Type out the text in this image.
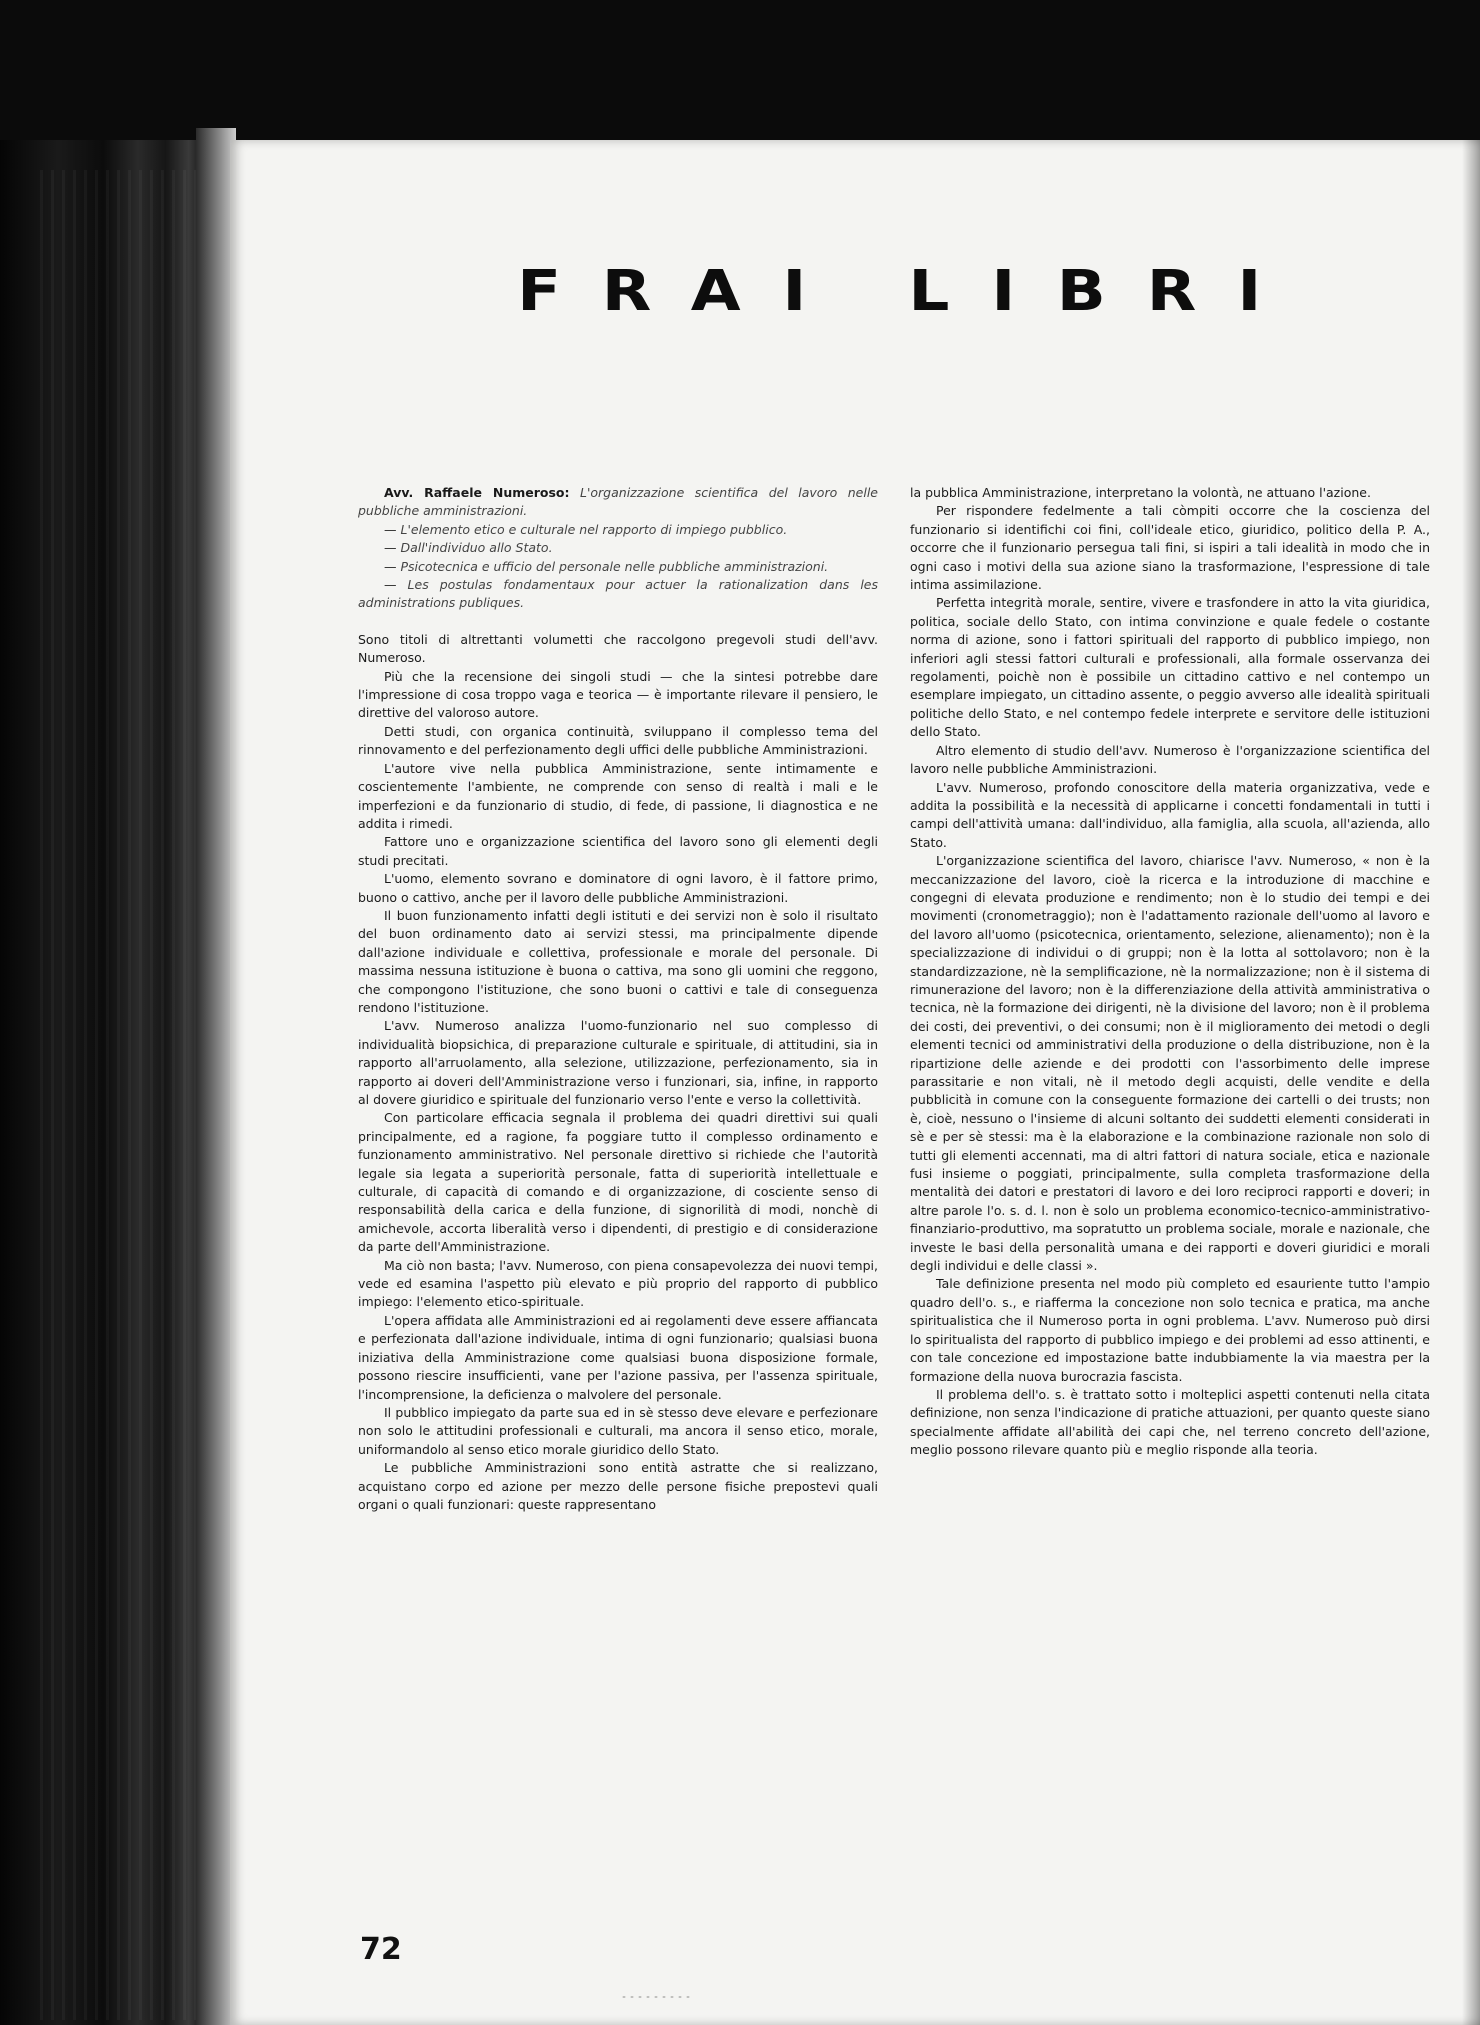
F R A I L I B R I

Avv. Raffaele Numeroso: L'organizzazione scientifica del lavoro nelle pubbliche amministrazioni.

— L'elemento etico e culturale nel rapporto di impiego pubblico.

— Dall'individuo allo Stato.

— Psicotecnica e ufficio del personale nelle pubbliche amministrazioni.

— Les postulas fondamentaux pour actuer la rationalization dans les administrations publiques.

Sono titoli di altrettanti volumetti che raccolgono pregevoli studi dell'avv. Numeroso.

Più che la recensione dei singoli studi — che la sintesi potrebbe dare l'impressione di cosa troppo vaga e teorica — è importante rilevare il pensiero, le direttive del valoroso autore.

Detti studi, con organica continuità, sviluppano il complesso tema del rinnovamento e del perfezionamento degli uffici delle pubbliche Amministrazioni.

L'autore vive nella pubblica Amministrazione, sente intimamente e coscientemente l'ambiente, ne comprende con senso di realtà i mali e le imperfezioni e da funzionario di studio, di fede, di passione, li diagnostica e ne addita i rimedi.

Fattore uno e organizzazione scientifica del lavoro sono gli elementi degli studi precitati.

L'uomo, elemento sovrano e dominatore di ogni lavoro, è il fattore primo, buono o cattivo, anche per il lavoro delle pubbliche Amministrazioni.

Il buon funzionamento infatti degli istituti e dei servizi non è solo il risultato del buon ordinamento dato ai servizi stessi, ma principalmente dipende dall'azione individuale e collettiva, professionale e morale del personale. Di massima nessuna istituzione è buona o cattiva, ma sono gli uomini che reggono, che compongono l'istituzione, che sono buoni o cattivi e tale di conseguenza rendono l'istituzione.

L'avv. Numeroso analizza l'uomo-funzionario nel suo complesso di individualità biopsichica, di preparazione culturale e spirituale, di attitudini, sia in rapporto all'arruolamento, alla selezione, utilizzazione, perfezionamento, sia in rapporto ai doveri dell'Amministrazione verso i funzionari, sia, infine, in rapporto al dovere giuridico e spirituale del funzionario verso l'ente e verso la collettività.

Con particolare efficacia segnala il problema dei quadri direttivi sui quali principalmente, ed a ragione, fa poggiare tutto il complesso ordinamento e funzionamento amministrativo. Nel personale direttivo si richiede che l'autorità legale sia legata a superiorità personale, fatta di superiorità intellettuale e culturale, di capacità di comando e di organizzazione, di cosciente senso di responsabilità della carica e della funzione, di signorilità di modi, nonchè di amichevole, accorta liberalità verso i dipendenti, di prestigio e di considerazione da parte dell'Amministrazione.

Ma ciò non basta; l'avv. Numeroso, con piena consapevolezza dei nuovi tempi, vede ed esamina l'aspetto più elevato e più proprio del rapporto di pubblico impiego: l'elemento etico-spirituale.

L'opera affidata alle Amministrazioni ed ai regolamenti deve essere affiancata e perfezionata dall'azione individuale, intima di ogni funzionario; qualsiasi buona iniziativa della Amministrazione come qualsiasi buona disposizione formale, possono riescire insufficienti, vane per l'azione passiva, per l'assenza spirituale, l'incomprensione, la deficienza o malvolere del personale.

Il pubblico impiegato da parte sua ed in sè stesso deve elevare e perfezionare non solo le attitudini professionali e culturali, ma ancora il senso etico, morale, uniformandolo al senso etico morale giuridico dello Stato.

Le pubbliche Amministrazioni sono entità astratte che si realizzano, acquistano corpo ed azione per mezzo delle persone fisiche prepostevi quali organi o quali funzionari: queste rappresentano

la pubblica Amministrazione, interpretano la volontà, ne attuano l'azione.

Per rispondere fedelmente a tali còmpiti occorre che la coscienza del funzionario si identifichi coi fini, coll'ideale etico, giuridico, politico della P. A., occorre che il funzionario persegua tali fini, si ispiri a tali idealità in modo che in ogni caso i motivi della sua azione siano la trasformazione, l'espressione di tale intima assimilazione.

Perfetta integrità morale, sentire, vivere e trasfondere in atto la vita giuridica, politica, sociale dello Stato, con intima convinzione e quale fedele o costante norma di azione, sono i fattori spirituali del rapporto di pubblico impiego, non inferiori agli stessi fattori culturali e professionali, alla formale osservanza dei regolamenti, poichè non è possibile un cittadino cattivo e nel contempo un esemplare impiegato, un cittadino assente, o peggio avverso alle idealità spirituali politiche dello Stato, e nel contempo fedele interprete e servitore delle istituzioni dello Stato.

Altro elemento di studio dell'avv. Numeroso è l'organizzazione scientifica del lavoro nelle pubbliche Amministrazioni.

L'avv. Numeroso, profondo conoscitore della materia organizzativa, vede e addita la possibilità e la necessità di applicarne i concetti fondamentali in tutti i campi dell'attività umana: dall'individuo, alla famiglia, alla scuola, all'azienda, allo Stato.

L'organizzazione scientifica del lavoro, chiarisce l'avv. Numeroso, « non è la meccanizzazione del lavoro, cioè la ricerca e la introduzione di macchine e congegni di elevata produzione e rendimento; non è lo studio dei tempi e dei movimenti (cronometraggio); non è l'adattamento razionale dell'uomo al lavoro e del lavoro all'uomo (psicotecnica, orientamento, selezione, alienamento); non è la specializzazione di individui o di gruppi; non è la lotta al sottolavoro; non è la standardizzazione, nè la semplificazione, nè la normalizzazione; non è il sistema di rimunerazione del lavoro; non è la differenziazione della attività amministrativa o tecnica, nè la formazione dei dirigenti, nè la divisione del lavoro; non è il problema dei costi, dei preventivi, o dei consumi; non è il miglioramento dei metodi o degli elementi tecnici od amministrativi della produzione o della distribuzione, non è la ripartizione delle aziende e dei prodotti con l'assorbimento delle imprese parassitarie e non vitali, nè il metodo degli acquisti, delle vendite e della pubblicità in comune con la conseguente formazione dei cartelli o dei trusts; non è, cioè, nessuno o l'insieme di alcuni soltanto dei suddetti elementi considerati in sè e per sè stessi: ma è la elaborazione e la combinazione razionale non solo di tutti gli elementi accennati, ma di altri fattori di natura sociale, etica e nazionale fusi insieme o poggiati, principalmente, sulla completa trasformazione della mentalità dei datori e prestatori di lavoro e dei loro reciproci rapporti e doveri; in altre parole l'o. s. d. l. non è solo un problema economico-tecnico-amministrativo-finanziario-produttivo, ma sopratutto un problema sociale, morale e nazionale, che investe le basi della personalità umana e dei rapporti e doveri giuridici e morali degli individui e delle classi ».

Tale definizione presenta nel modo più completo ed esauriente tutto l'ampio quadro dell'o. s., e riafferma la concezione non solo tecnica e pratica, ma anche spiritualistica che il Numeroso porta in ogni problema. L'avv. Numeroso può dirsi lo spiritualista del rapporto di pubblico impiego e dei problemi ad esso attinenti, e con tale concezione ed impostazione batte indubbiamente la via maestra per la formazione della nuova burocrazia fascista.

Il problema dell'o. s. è trattato sotto i molteplici aspetti contenuti nella citata definizione, non senza l'indicazione di pratiche attuazioni, per quanto queste siano specialmente affidate all'abilità dei capi che, nel terreno concreto dell'azione, meglio possono rilevare quanto più e meglio risponde alla teoria.

72
